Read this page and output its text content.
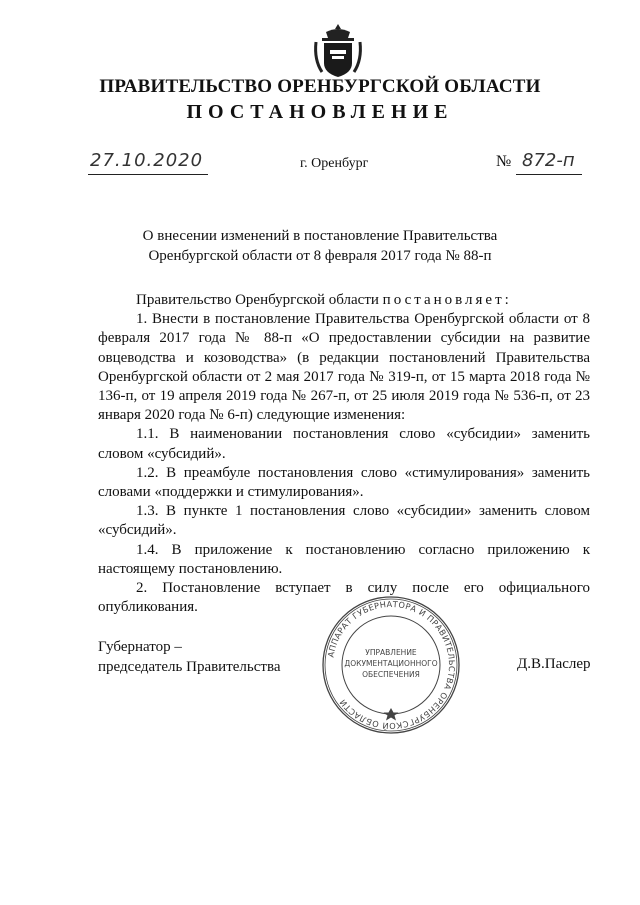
ПРАВИТЕЛЬСТВО ОРЕНБУРГСКОЙ ОБЛАСТИ
ПОСТАНОВЛЕНИЕ
27.10.2020	г. Оренбург	№ 872-п
О внесении изменений в постановление Правительства
Оренбургской области от 8 февраля 2017 года № 88-п

Правительство Оренбургской области постановляет:

1. Внести в постановление Правительства Оренбургской области от 8 февраля 2017 года № 88-п «О предоставлении субсидии на развитие овцеводства и козоводства» (в редакции постановлений Правительства Оренбургской области от 2 мая 2017 года № 319-п, от 15 марта 2018 года № 136-п, от 19 апреля 2019 года № 267-п, от 25 июля 2019 года № 536-п, от 23 января 2020 года № 6-п) следующие изменения:

1.1. В наименовании постановления слово «субсидии» заменить словом «субсидий».

1.2. В преамбуле постановления слово «стимулирования» заменить словами «поддержки и стимулирования».

1.3. В пункте 1 постановления слово «субсидии» заменить словом «субсидий».

1.4. В приложение к постановлению согласно приложению к настоящему постановлению.

2. Постановление вступает в силу после его официального опубликования.

Губернатор –
председатель Правительства	Д.В.Паслер
АППАРАТ ГУБЕРНАТОРА И ПРАВИТЕЛЬСТВА ОРЕНБУРГСКОЙ ОБЛАСТИ
УПРАВЛЕНИЕ
ДОКУМЕНТАЦИОННОГО
ОБЕСПЕЧЕНИЯ
